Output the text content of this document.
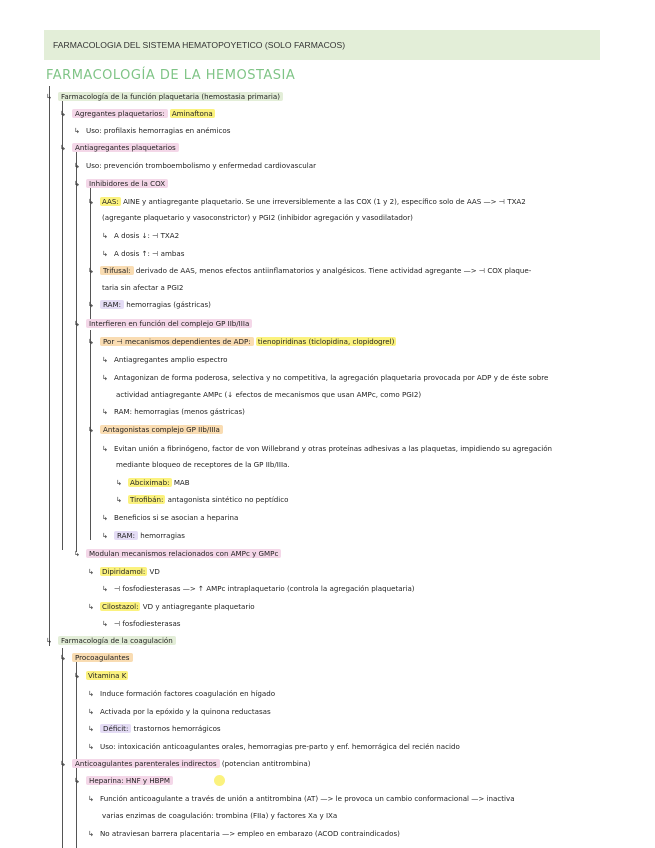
FARMACOLOGIA DEL SISTEMA HEMATOPOYETICO (SOLO FARMACOS)
FARMACOLOGÍA DE LA HEMOSTASIA
↳ Farmacología de la función plaquetaria (hemostasia primaria)
↳ Agregantes plaquetarios: Aminaftona
↳ Uso: profilaxis hemorragias en anémicos
↳ Antiagregantes plaquetarios
↳ Uso: prevención tromboembolismo y enfermedad cardiovascular
↳ Inhibidores de la COX
↳ AAS: AINE y antiagregante plaquetario. Se une irreversiblemente a las COX (1 y 2), específico solo de AAS —> ⊣ TXA2
(agregante plaquetario y vasoconstrictor) y PGI2 (inhibidor agregación y vasodilatador)
↳ A dosis ↓: ⊣ TXA2
↳ A dosis ↑: ⊣ ambas
↳ Trifusal: derivado de AAS, menos efectos antiinflamatorios y analgésicos. Tiene actividad agregante —> ⊣ COX plaque-
taria sin afectar a PGI2
↳ RAM: hemorragias (gástricas)
↳ Interfieren en función del complejo GP IIb/IIIa
↳ Por ⊣ mecanismos dependientes de ADP: tienopiridinas (ticlopidina, clopidogrel)
↳ Antiagregantes amplio espectro
↳ Antagonizan de forma poderosa, selectiva y no competitiva, la agregación plaquetaria provocada por ADP y de éste sobre
actividad antiagregante AMPc (↓ efectos de mecanismos que usan AMPc, como PGI2)
↳ RAM: hemorragias (menos gástricas)
↳ Antagonistas complejo GP IIb/IIIa
↳ Evitan unión a fibrinógeno, factor de von Willebrand y otras proteínas adhesivas a las plaquetas, impidiendo su agregación
mediante bloqueo de receptores de la GP IIb/IIIa.
↳ Abciximab: MAB
↳ Tirofibán: antagonista sintético no peptídico
↳ Beneficios si se asocian a heparina
↳ RAM: hemorragias
↳ Modulan mecanismos relacionados con AMPc y GMPc
↳ Dipiridamol: VD
↳ ⊣ fosfodiesterasas —> ↑ AMPc intraplaquetario (controla la agregación plaquetaria)
↳ Cilostazol: VD y antiagregante plaquetario
↳ ⊣ fosfodiesterasas
↳ Farmacología de la coagulación
↳ Procoagulantes
↳ Vitamina K
↳ Induce formación factores coagulación en hígado
↳ Activada por la epóxido y la quinona reductasas
↳ Déficit: trastornos hemorrágicos
↳ Uso: intoxicación anticoagulantes orales, hemorragias pre-parto y enf. hemorrágica del recién nacido
↳ Anticoagulantes parenterales indirectos (potencian antitrombina)
↳ Heparina: HNF y HBPM
↳ Función anticoagulante a través de unión a antitrombina (AT) —> le provoca un cambio conformacional —> inactiva
varias enzimas de coagulación: trombina (FIIa) y factores Xa y IXa
↳ No atraviesan barrera placentaria —> empleo en embarazo (ACOD contraindicados)
